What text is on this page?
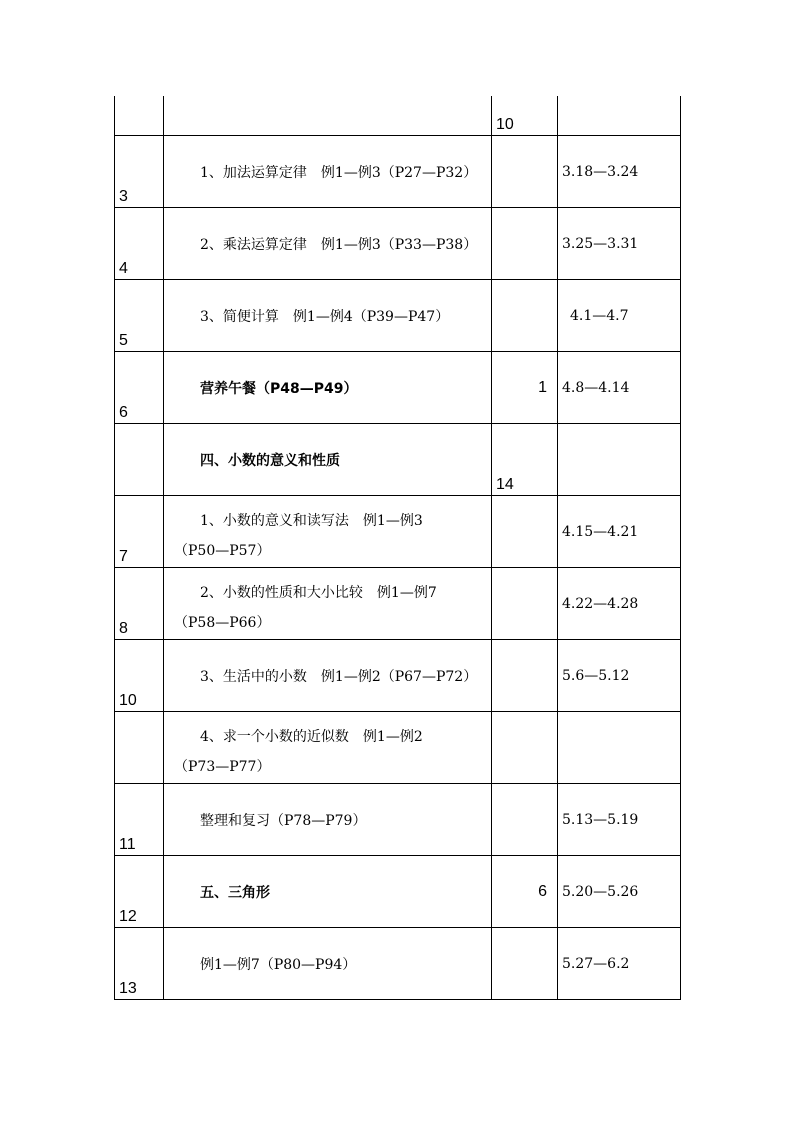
		10	

3	1、加法运算定律　例1—例3（P27—P32）		3.18—3.24

4	2、乘法运算定律　例1—例3（P33—P38）		3.25—3.31

5	3、简便计算　例1—例4（P39—P47）		4.1—4.7

6	营养午餐（P48—P49）	1	4.8—4.14

	四、小数的意义和性质	14	

7	1、小数的意义和读写法　例1—例3
（P50—P57）		4.15—4.21

8	2、小数的性质和大小比较　例1—例7
（P58—P66）		4.22—4.28

10	3、生活中的小数　例1—例2（P67—P72）		5.6—5.12

	4、求一个小数的近似数　例1—例2
（P73—P77）		

11	整理和复习（P78—P79）		5.13—5.19

12	五、三角形	6	5.20—5.26

13	例1—例7（P80—P94）		5.27—6.2
